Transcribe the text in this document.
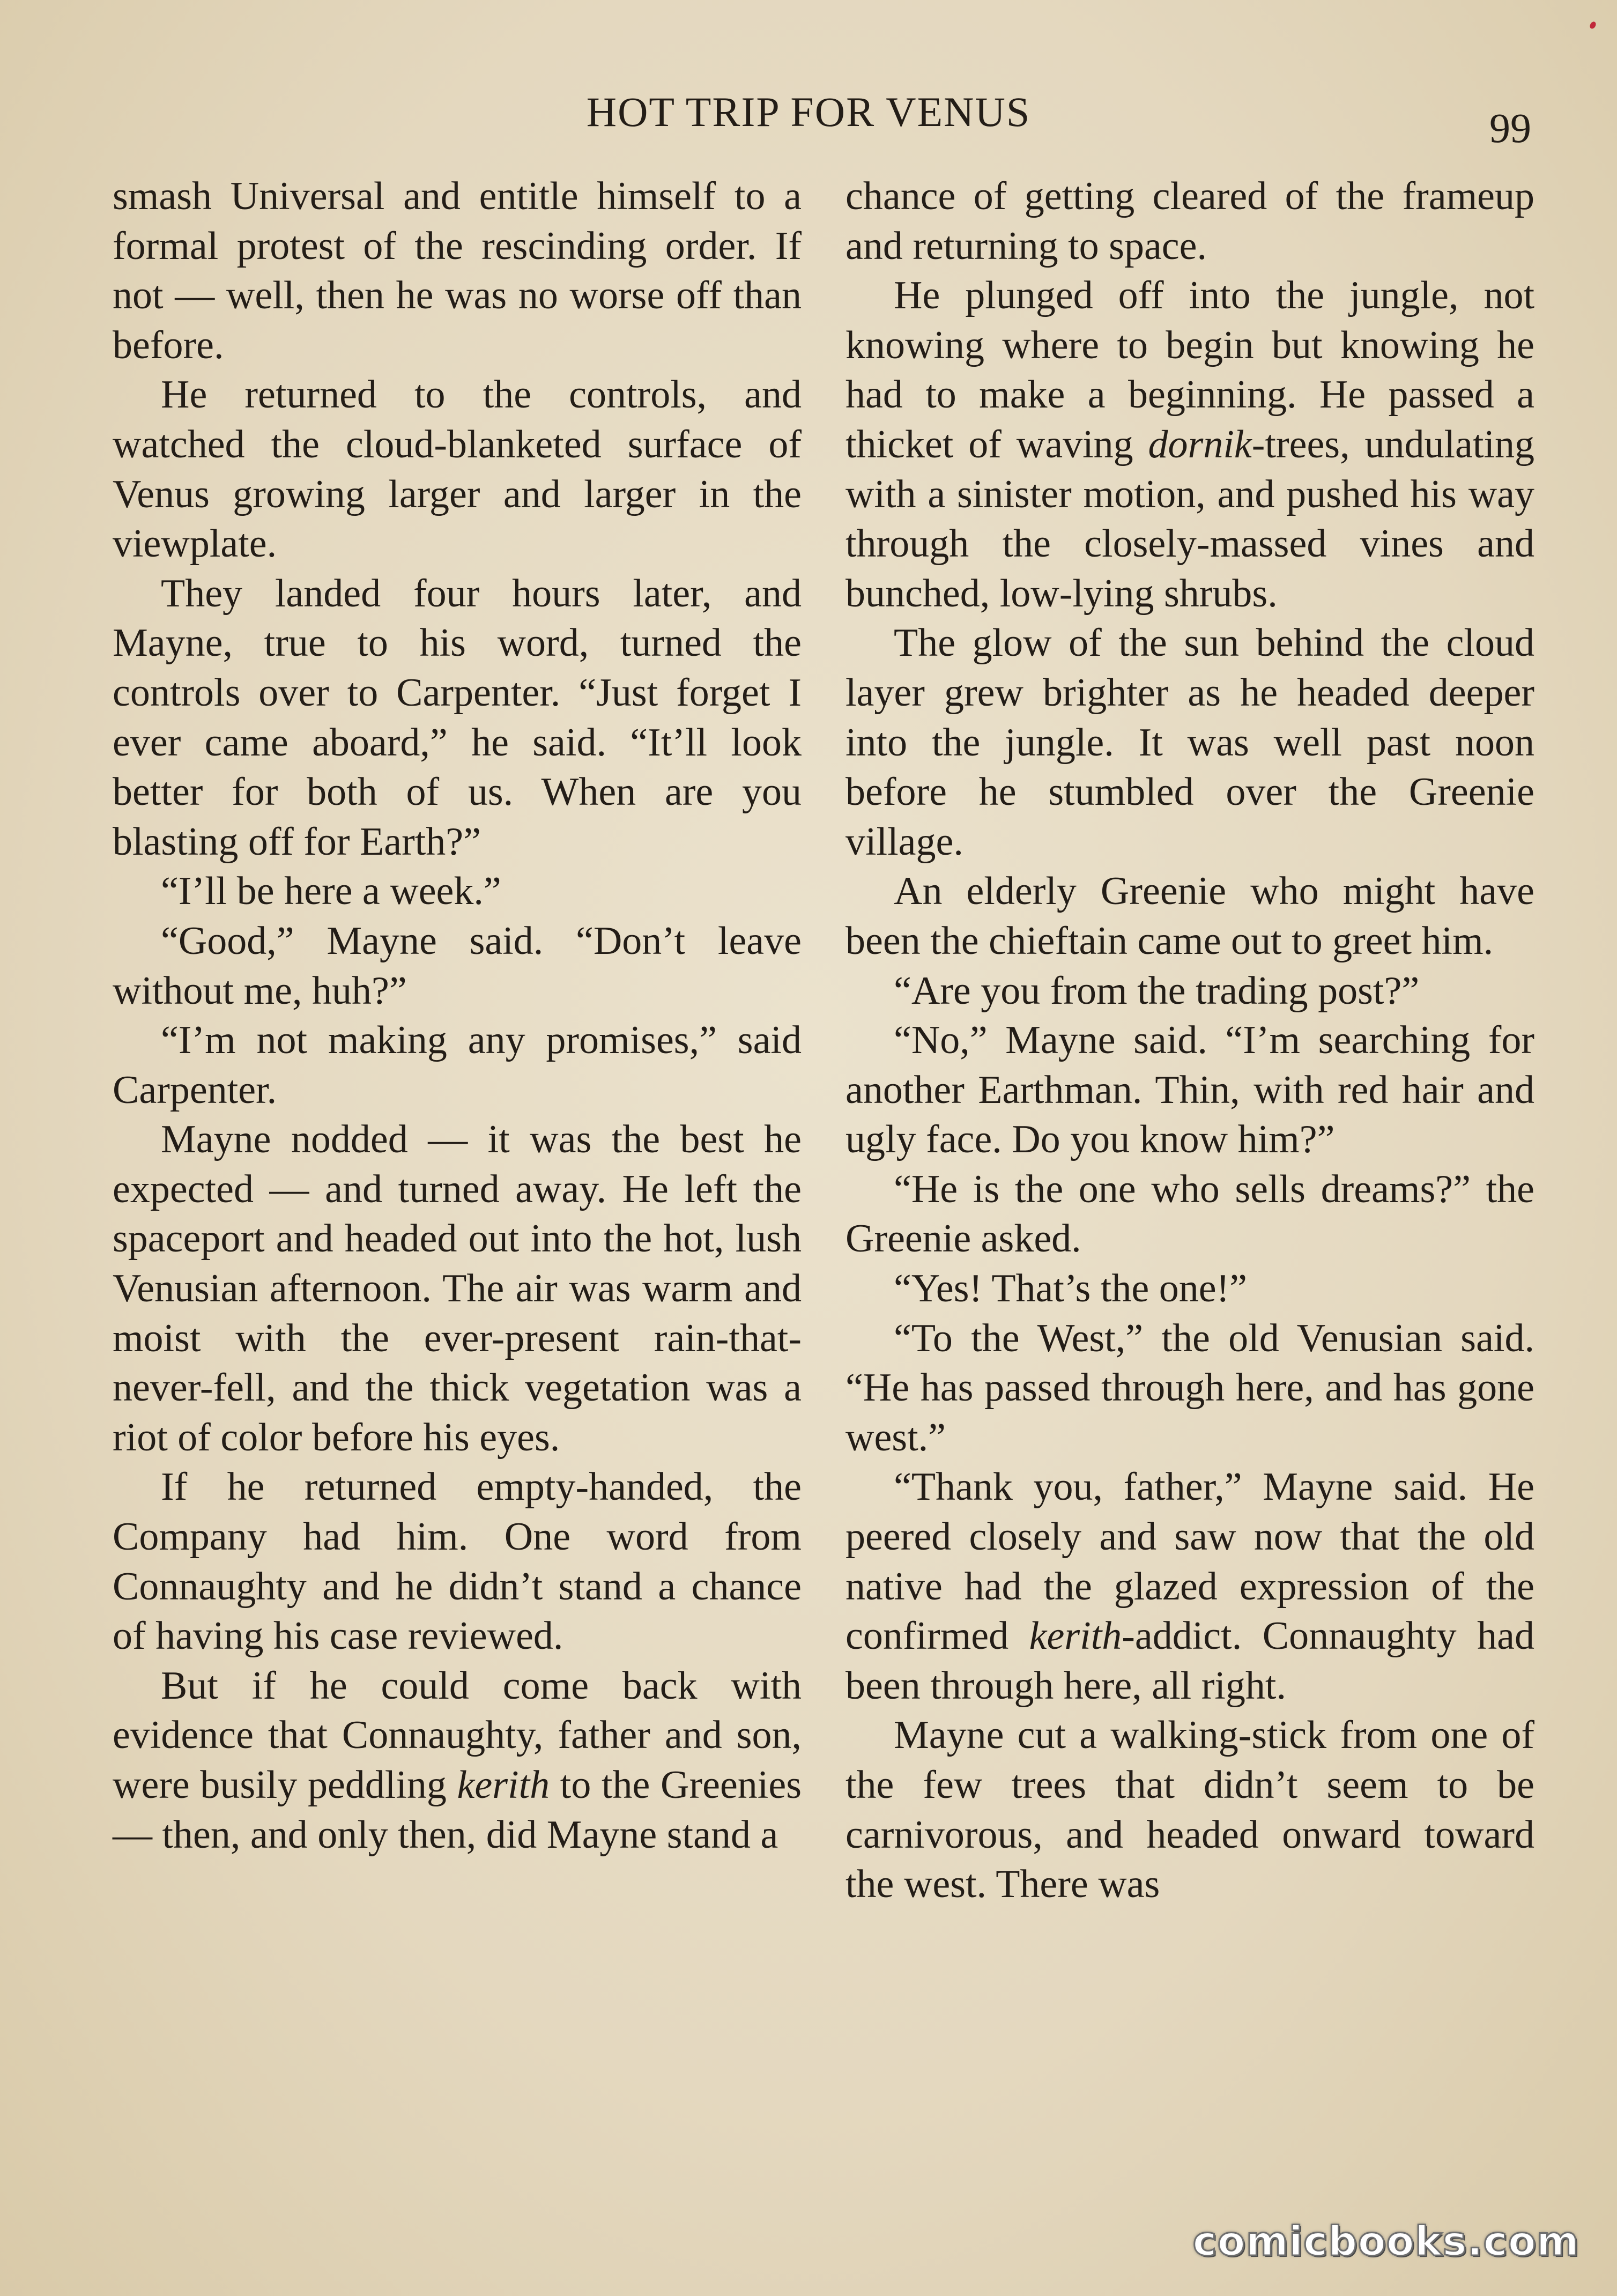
HOT TRIP FOR VENUS	99

smash Universal and entitle himself to a formal protest of the rescinding order. If not — well, then he was no worse off than before.

He returned to the controls, and watched the cloud-blanketed surface of Venus growing larger and larger in the viewplate.

They landed four hours later, and Mayne, true to his word, turned the controls over to Carpenter. “Just forget I ever came aboard,” he said. “It’ll look better for both of us. When are you blasting off for Earth?”

“I’ll be here a week.”

“Good,” Mayne said. “Don’t leave without me, huh?”

“I’m not making any promises,” said Carpenter.

Mayne nodded — it was the best he expected — and turned away. He left the spaceport and headed out into the hot, lush Venusian afternoon. The air was warm and moist with the ever-present rain-that-never-fell, and the thick vegetation was a riot of color before his eyes.

If he returned empty-handed, the Company had him. One word from Connaughty and he didn’t stand a chance of having his case reviewed.

But if he could come back with evidence that Connaughty, father and son, were busily peddling kerith to the Greenies — then, and only then, did Mayne stand a

chance of getting cleared of the frameup and returning to space.

He plunged off into the jungle, not knowing where to begin but knowing he had to make a beginning. He passed a thicket of waving dornik-trees, undulating with a sinister motion, and pushed his way through the closely-massed vines and bunched, low-lying shrubs.

The glow of the sun behind the cloud layer grew brighter as he headed deeper into the jungle. It was well past noon before he stumbled over the Greenie village.

An elderly Greenie who might have been the chieftain came out to greet him.

“Are you from the trading post?”

“No,” Mayne said. “I’m searching for another Earthman. Thin, with red hair and ugly face. Do you know him?”

“He is the one who sells dreams?” the Greenie asked.

“Yes! That’s the one!”

“To the West,” the old Venusian said. “He has passed through here, and has gone west.”

“Thank you, father,” Mayne said. He peered closely and saw now that the old native had the glazed expression of the confirmed kerith-addict. Connaughty had been through here, all right.

Mayne cut a walking-stick from one of the few trees that didn’t seem to be carnivorous, and headed onward toward the west. There was

comicbooks.com
